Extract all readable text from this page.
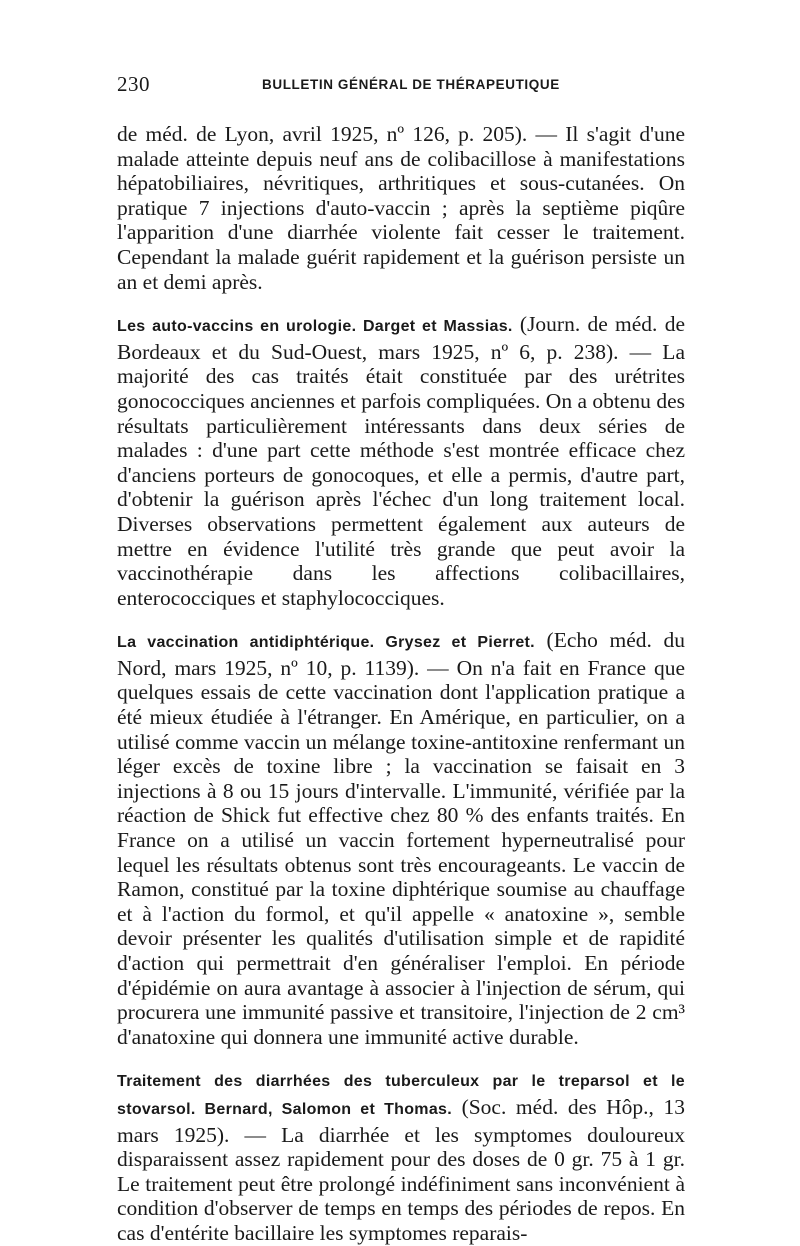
230	BULLETIN GÉNÉRAL DE THÉRAPEUTIQUE

de méd. de Lyon, avril 1925, nº 126, p. 205). — Il s'agit d'une malade atteinte depuis neuf ans de colibacillose à manifestations hépatobiliaires, névritiques, arthritiques et sous-cutanées. On pratique 7 injections d'auto-vaccin ; après la septième piqûre l'apparition d'une diarrhée violente fait cesser le traitement. Cependant la malade guérit rapidement et la guérison persiste un an et demi après.

Les auto-vaccins en urologie. Darget et Massias. (Journ. de méd. de Bordeaux et du Sud-Ouest, mars 1925, nº 6, p. 238). — La majorité des cas traités était constituée par des urétrites gonococciques anciennes et parfois compliquées. On a obtenu des résultats particulièrement intéressants dans deux séries de malades : d'une part cette méthode s'est montrée efficace chez d'anciens porteurs de gonocoques, et elle a permis, d'autre part, d'obtenir la guérison après l'échec d'un long traitement local. Diverses observations permettent également aux auteurs de mettre en évidence l'utilité très grande que peut avoir la vaccinothérapie dans les affections colibacillaires, enterococciques et staphylococciques.

La vaccination antidiphtérique. Grysez et Pierret. (Echo méd. du Nord, mars 1925, nº 10, p. 1139). — On n'a fait en France que quelques essais de cette vaccination dont l'application pratique a été mieux étudiée à l'étranger. En Amérique, en particulier, on a utilisé comme vaccin un mélange toxine-antitoxine renfermant un léger excès de toxine libre ; la vaccination se faisait en 3 injections à 8 ou 15 jours d'intervalle. L'immunité, vérifiée par la réaction de Shick fut effective chez 80 % des enfants traités. En France on a utilisé un vaccin fortement hyperneutralisé pour lequel les résultats obtenus sont très encourageants. Le vaccin de Ramon, constitué par la toxine diphtérique soumise au chauffage et à l'action du formol, et qu'il appelle « anatoxine », semble devoir présenter les qualités d'utilisation simple et de rapidité d'action qui permettrait d'en généraliser l'emploi. En période d'épidémie on aura avantage à associer à l'injection de sérum, qui procurera une immunité passive et transitoire, l'injection de 2 cm³ d'anatoxine qui donnera une immunité active durable.

Traitement des diarrhées des tuberculeux par le treparsol et le stovarsol. Bernard, Salomon et Thomas. (Soc. méd. des Hôp., 13 mars 1925). — La diarrhée et les symptomes douloureux disparaissent assez rapidement pour des doses de 0 gr. 75 à 1 gr. Le traitement peut être prolongé indéfiniment sans inconvénient à condition d'observer de temps en temps des périodes de repos. En cas d'entérite bacillaire les symptomes reparais-
